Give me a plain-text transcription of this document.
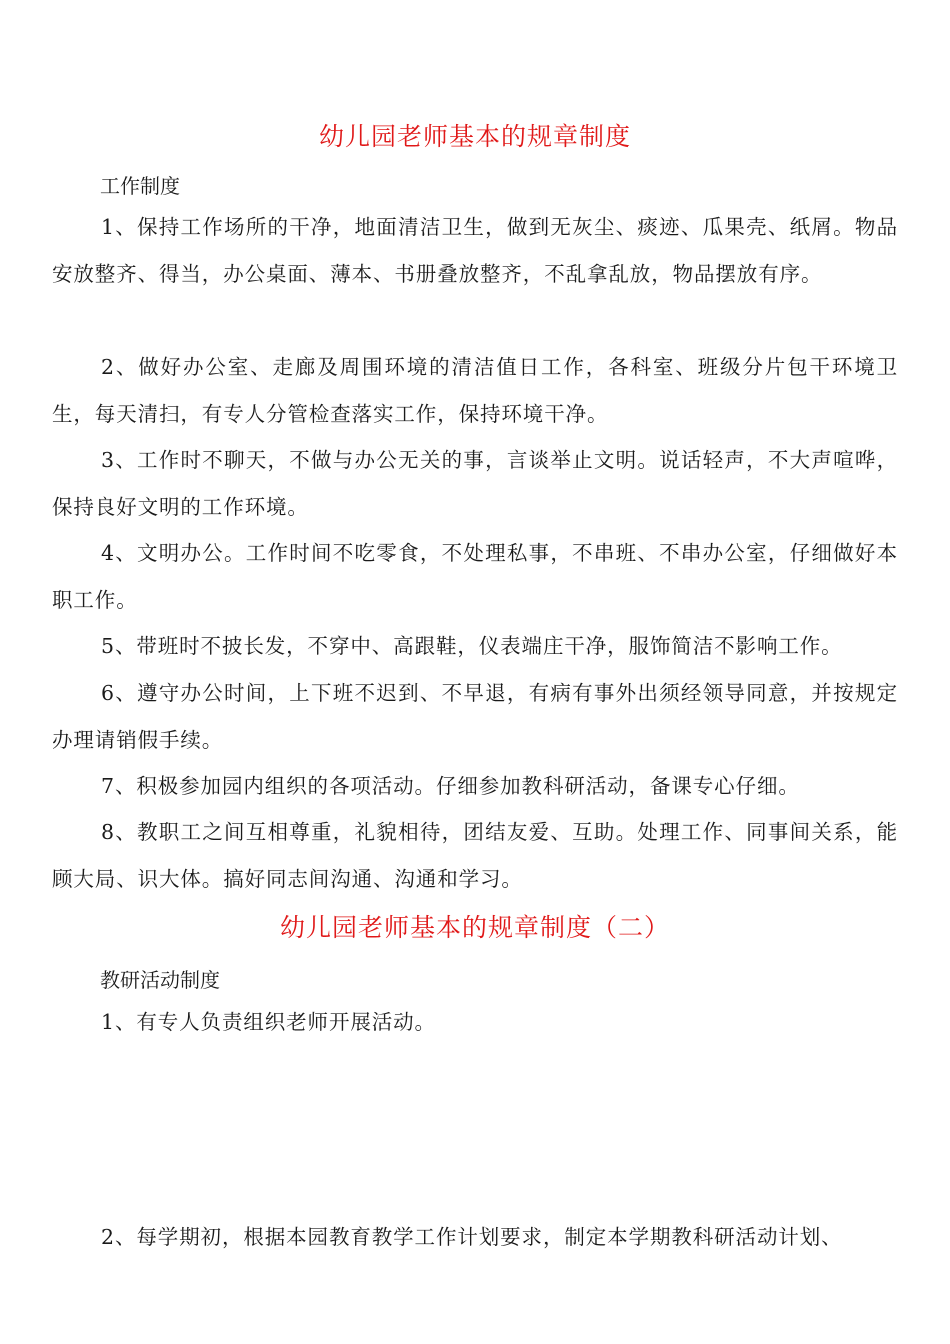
幼儿园老师基本的规章制度

工作制度

1、保持工作场所的干净，地面清洁卫生，做到无灰尘、痰迹、瓜果壳、纸屑。物品安放整齐、得当，办公桌面、薄本、书册叠放整齐，不乱拿乱放，物品摆放有序。

2、做好办公室、走廊及周围环境的清洁值日工作，各科室、班级分片包干环境卫生，每天清扫，有专人分管检查落实工作，保持环境干净。

3、工作时不聊天，不做与办公无关的事，言谈举止文明。说话轻声，不大声喧哗，保持良好文明的工作环境。

4、文明办公。工作时间不吃零食，不处理私事，不串班、不串办公室，仔细做好本职工作。

5、带班时不披长发，不穿中、高跟鞋，仪表端庄干净，服饰简洁不影响工作。

6、遵守办公时间，上下班不迟到、不早退，有病有事外出须经领导同意，并按规定办理请销假手续。

7、积极参加园内组织的各项活动。仔细参加教科研活动，备课专心仔细。

8、教职工之间互相尊重，礼貌相待，团结友爱、互助。处理工作、同事间关系，能顾大局、识大体。搞好同志间沟通、沟通和学习。

幼儿园老师基本的规章制度（二）

教研活动制度

1、有专人负责组织老师开展活动。

2、每学期初，根据本园教育教学工作计划要求，制定本学期教科研活动计划、
